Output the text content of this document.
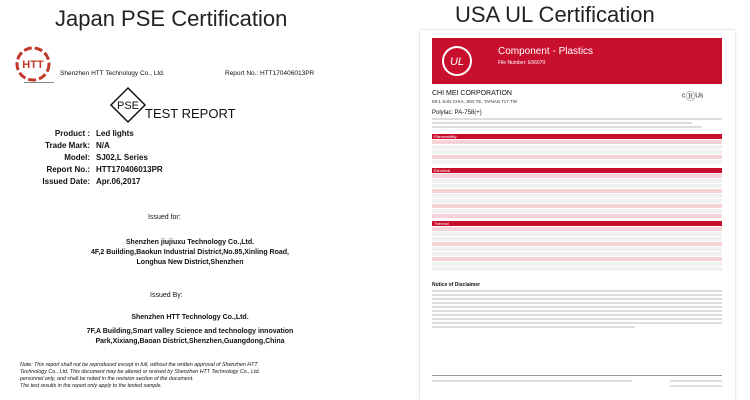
Japan PSE Certification
HTT
Shenzhen HTT Technology Co., Ltd.	Report No.: HTT170406013PR
PSE TEST REPORT
Product : Led lights
Trade Mark: N/A
Model: SJ02,L Series
Report No.: HTT170406013PR
Issued Date: Apr.06,2017
Issued for:
Shenzhen jiujiuxu Technology Co.,Ltd.
4F,2 Building,Baokun Industrial District,No.85,Xinling Road,
Longhua New District,Shenzhen
Issued By:
Shenzhen HTT Technology Co.,Ltd.
7F,A Building,Smart valley Science and technology innovation
Park,Xixiang,Baoan District,Shenzhen,Guangdong,China
Note: This report shall not be reproduced except in full, without the written approval of Shenzhen HTT
Technology Co., Ltd. This document may be altered or revised by Shenzhen HTT Technology Co., Ltd.
personnel only, and shall be noted in the revision section of the document.
The test results in the report only apply to the tested sample.
USA UL Certification
UL
Component - Plastics
File Number: E56070
CHI MEI CORPORATION
59-1 SAN CHIA, JEN TE, TAINAN 717 TW	ᶜⓇᵁˢ
Polylac: PA-758(+)
Flammability
Electrical
Thermal
Notice of Disclaimer
